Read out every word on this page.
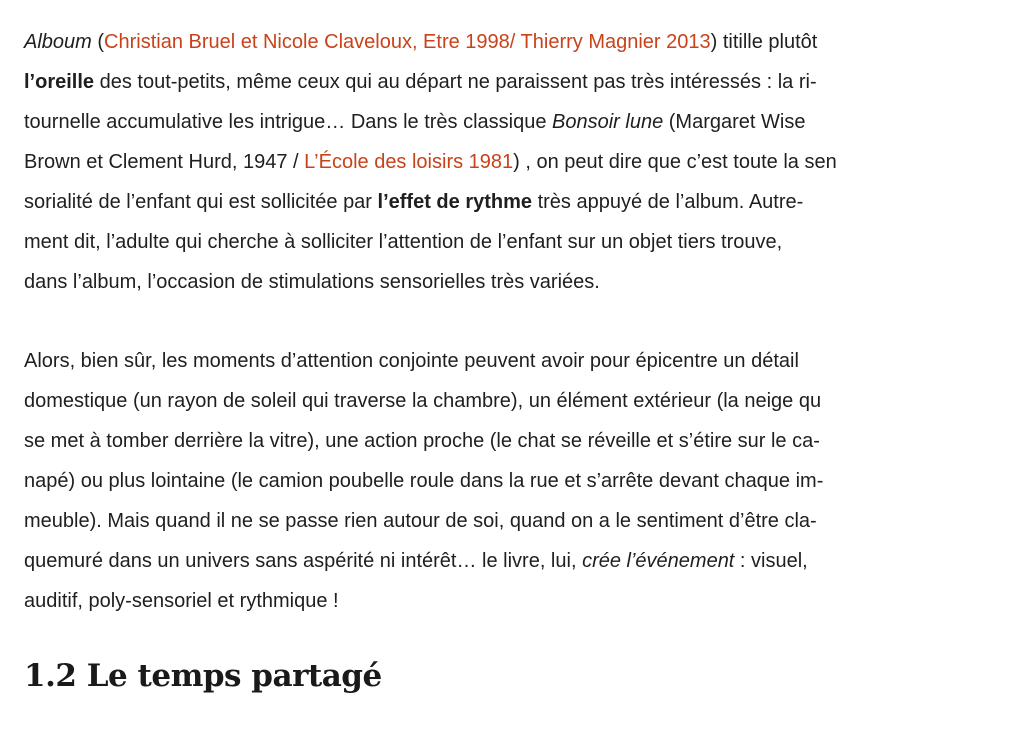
Alboum (Christian Bruel et Nicole Claveloux, Etre 1998/ Thierry Magnier 2013) titille plutôt
l’oreille des tout-petits, même ceux qui au départ ne paraissent pas très intéressés : la ri-
tournelle accumulative les intrigue… Dans le très classique Bonsoir lune (Margaret Wise
Brown et Clement Hurd, 1947 / L’École des loisirs 1981) , on peut dire que c’est toute la sen
sorialité de l’enfant qui est sollicitée par l’effet de rythme très appuyé de l’album. Autre-
ment dit, l’adulte qui cherche à solliciter l’attention de l’enfant sur un objet tiers trouve,
dans l’album, l’occasion de stimulations sensorielles très variées.
Alors, bien sûr, les moments d’attention conjointe peuvent avoir pour épicentre un détail
domestique (un rayon de soleil qui traverse la chambre), un élément extérieur (la neige qu
se met à tomber derrière la vitre), une action proche (le chat se réveille et s’étire sur le ca-
napé) ou plus lointaine (le camion poubelle roule dans la rue et s’arrête devant chaque im-
meuble). Mais quand il ne se passe rien autour de soi, quand on a le sentiment d’être cla-
quemuré dans un univers sans aspérité ni intérêt… le livre, lui, crée l’événement : visuel,
auditif, poly-sensoriel et rythmique !
1.2 Le temps partagé
